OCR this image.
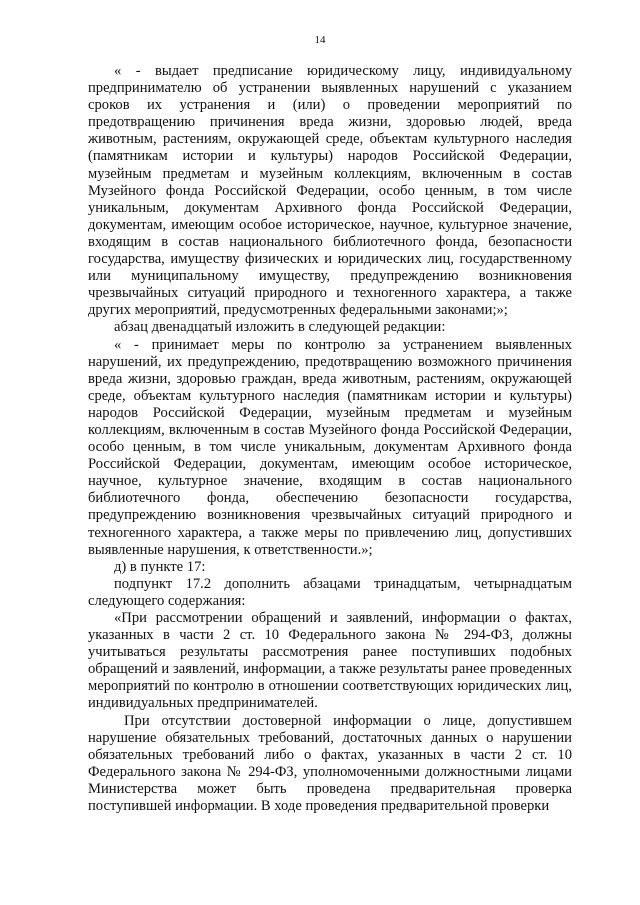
14

« - выдает предписание юридическому лицу, индивидуальному предпринимателю об устранении выявленных нарушений с указанием сроков их устранения и (или) о проведении мероприятий по предотвращению причинения вреда жизни, здоровью людей, вреда животным, растениям, окружающей среде, объектам культурного наследия (памятникам истории и культуры) народов Российской Федерации, музейным предметам и музейным коллекциям, включенным в состав Музейного фонда Российской Федерации, особо ценным, в том числе уникальным, документам Архивного фонда Российской Федерации, документам, имеющим особое историческое, научное, культурное значение, входящим в состав национального библиотечного фонда, безопасности государства, имуществу физических и юридических лиц, государственному или муниципальному имуществу, предупреждению возникновения чрезвычайных ситуаций природного и техногенного характера, а также других мероприятий, предусмотренных федеральными законами;»;

абзац двенадцатый изложить в следующей редакции:

« - принимает меры по контролю за устранением выявленных нарушений, их предупреждению, предотвращению возможного причинения вреда жизни, здоровью граждан, вреда животным, растениям, окружающей среде, объектам культурного наследия (памятникам истории и культуры) народов Российской Федерации, музейным предметам и музейным коллекциям, включенным в состав Музейного фонда Российской Федерации, особо ценным, в том числе уникальным, документам Архивного фонда Российской Федерации, документам, имеющим особое историческое, научное, культурное значение, входящим в состав национального библиотечного фонда, обеспечению безопасности государства, предупреждению возникновения чрезвычайных ситуаций природного и техногенного характера, а также меры по привлечению лиц, допустивших выявленные нарушения, к ответственности.»;

д) в пункте 17:

подпункт 17.2 дополнить абзацами тринадцатым, четырнадцатым следующего содержания:

«При рассмотрении обращений и заявлений, информации о фактах, указанных в части 2 ст. 10 Федерального закона № 294-ФЗ, должны учитываться результаты рассмотрения ранее поступивших подобных обращений и заявлений, информации, а также результаты ранее проведенных мероприятий по контролю в отношении соответствующих юридических лиц, индивидуальных предпринимателей.

При отсутствии достоверной информации о лице, допустившем нарушение обязательных требований, достаточных данных о нарушении обязательных требований либо о фактах, указанных в части 2 ст. 10 Федерального закона № 294-ФЗ, уполномоченными должностными лицами Министерства может быть проведена предварительная проверка поступившей информации. В ходе проведения предварительной проверки
